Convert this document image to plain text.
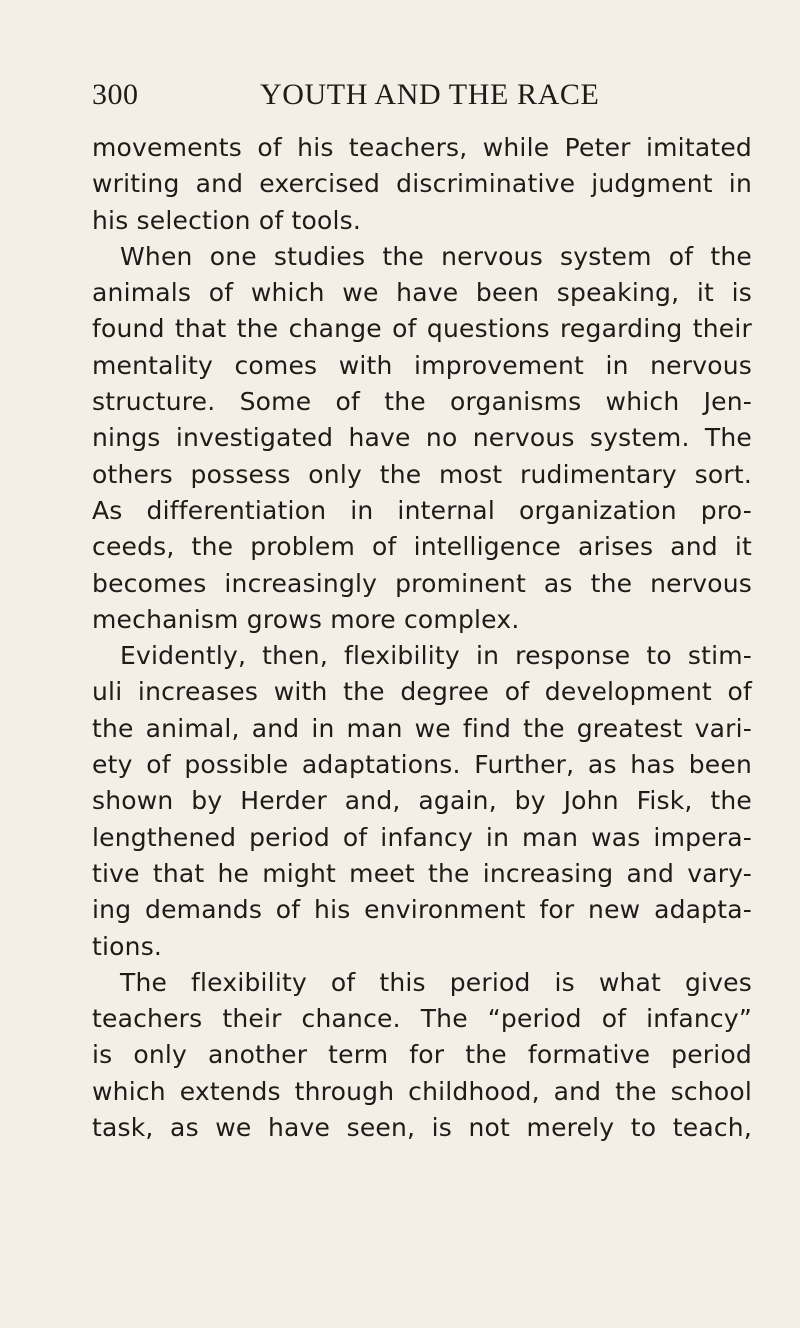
300	YOUTH AND THE RACE
movements of his teachers, while Peter imitated
writing and exercised discriminative judgment in
his selection of tools.
When one studies the nervous system of the
animals of which we have been speaking, it is
found that the change of questions regarding their
mentality comes with improvement in nervous
structure. Some of the organisms which Jen-
nings investigated have no nervous system. The
others possess only the most rudimentary sort.
As differentiation in internal organization pro-
ceeds, the problem of intelligence arises and it
becomes increasingly prominent as the nervous
mechanism grows more complex.
Evidently, then, flexibility in response to stim-
uli increases with the degree of development of
the animal, and in man we find the greatest vari-
ety of possible adaptations. Further, as has been
shown by Herder and, again, by John Fisk, the
lengthened period of infancy in man was impera-
tive that he might meet the increasing and vary-
ing demands of his environment for new adapta-
tions.
The flexibility of this period is what gives
teachers their chance. The “period of infancy”
is only another term for the formative period
which extends through childhood, and the school
task, as we have seen, is not merely to teach,
